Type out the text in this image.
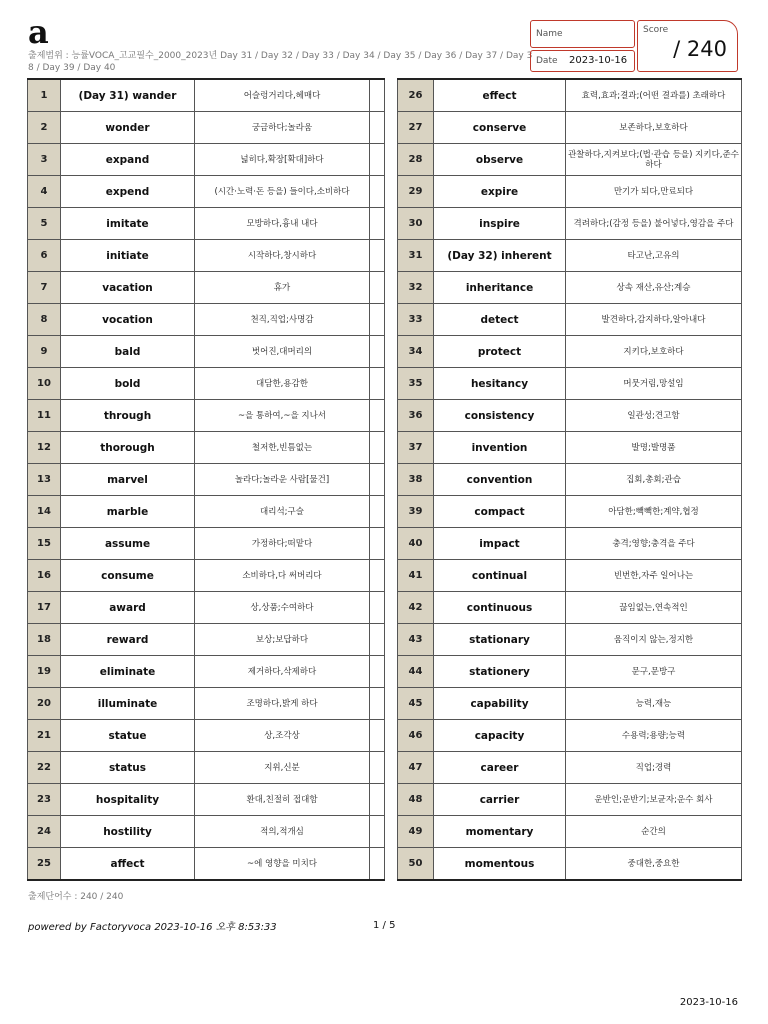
a
출제범위 : 능률VOCA_고교필수_2000_2023년 Day 31 / Day 32 / Day 33 / Day 34 / Day 35 / Day 36 / Day 37 / Day 38 / Day 39 / Day 40
Name
Date 2023-10-16
Score
/ 240
1	(Day 31) wander	어슬렁거리다,헤매다	
2	wonder	궁금하다;놀라움	
3	expand	넓히다,확장[확대]하다	
4	expend	(시간·노력·돈 등을) 들이다,소비하다	
5	imitate	모방하다,흉내 내다	
6	initiate	시작하다,창시하다	
7	vacation	휴가	
8	vocation	천직,직업;사명감	
9	bald	벗어진,대머리의	
10	bold	대담한,용감한	
11	through	~을 통하여,~을 지나서	
12	thorough	철저한,빈틈없는	
13	marvel	놀라다;놀라운 사람[물건]	
14	marble	대리석;구슬	
15	assume	가정하다;떠맡다	
16	consume	소비하다,다 써버리다	
17	award	상,상품;수여하다	
18	reward	보상;보답하다	
19	eliminate	제거하다,삭제하다	
20	illuminate	조명하다,밝게 하다	
21	statue	상,조각상	
22	status	지위,신분	
23	hospitality	환대,친절히 접대함	
24	hostility	적의,적개심	
25	affect	~에 영향을 미치다	
26	effect	효력,효과;결과;(어떤 결과를) 초래하다
27	conserve	보존하다,보호하다
28	observe	관찰하다,지켜보다;(법·관습 등을) 지키다,준수하다
29	expire	만기가 되다,만료되다
30	inspire	격려하다;(감정 등을) 불어넣다,영감을 주다
31	(Day 32) inherent	타고난,고유의
32	inheritance	상속 재산,유산;계승
33	detect	발견하다,감지하다,알아내다
34	protect	지키다,보호하다
35	hesitancy	머뭇거림,망설임
36	consistency	일관성;견고함
37	invention	발명;발명품
38	convention	집회,총회;관습
39	compact	아담한;빽빽한;계약,협정
40	impact	충격;영향;충격을 주다
41	continual	빈번한,자주 일어나는
42	continuous	끊임없는,연속적인
43	stationary	움직이지 않는,정지한
44	stationery	문구,문방구
45	capability	능력,재능
46	capacity	수용력;용량;능력
47	career	직업;경력
48	carrier	운반인;운반기;보균자;운수 회사
49	momentary	순간의
50	momentous	중대한,중요한
출제단어수 : 240 / 240
powered by Factoryvoca 2023-10-16 오후 8:53:33	1 / 5
2023-10-16
